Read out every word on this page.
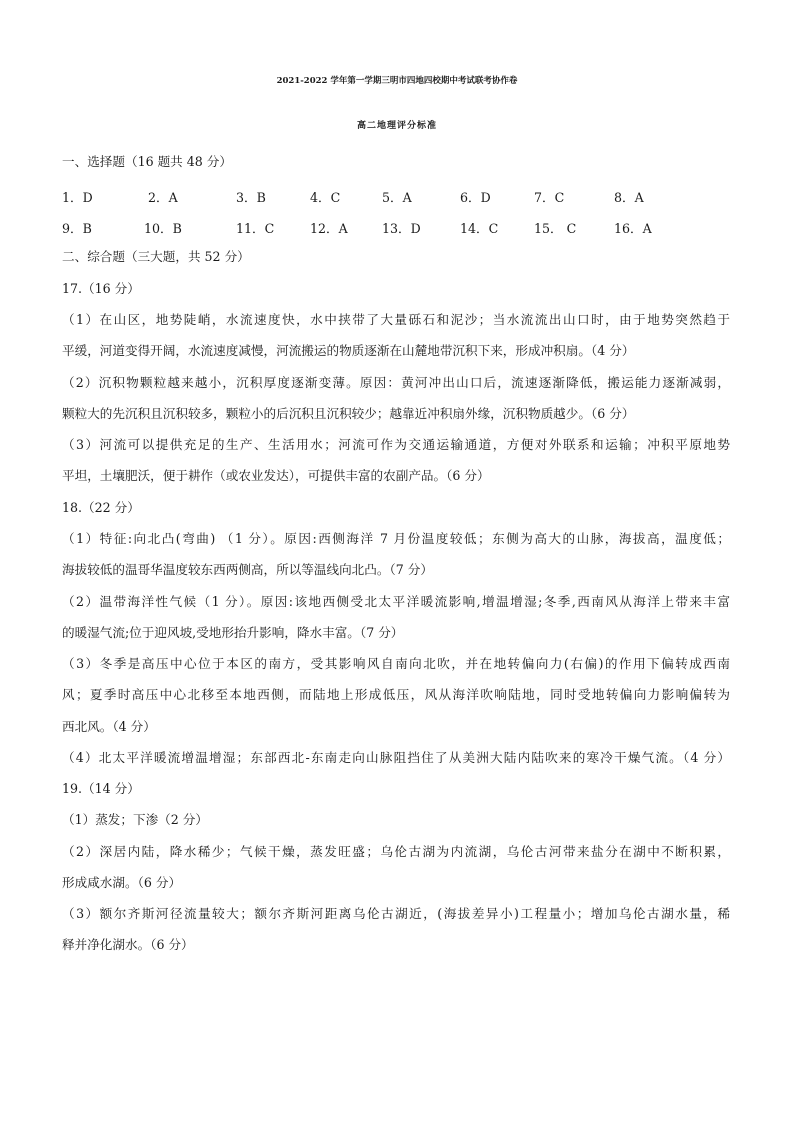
2021-2022 学年第一学期三明市四地四校期中考试联考协作卷
高二地理评分标准
一、选择题（16 题共 48 分）
1．D	2．A	3．B	4．C	5．A	6．D	7．C	8．A
9．B	10．B	11．C	12．A	13．D	14．C	15． C	16．A
二、综合题（三大题，共 52 分）
17.（16 分）
（1）在山区，地势陡峭，水流速度快，水中挟带了大量砾石和泥沙；当水流流出山口时，由于地势突然趋于
平缓，河道变得开阔，水流速度减慢，河流搬运的物质逐渐在山麓地带沉积下来，形成冲积扇。（4 分）
（2）沉积物颗粒越来越小，沉积厚度逐渐变薄。原因：黄河冲出山口后，流速逐渐降低，搬运能力逐渐减弱，
颗粒大的先沉积且沉积较多，颗粒小的后沉积且沉积较少；越靠近冲积扇外缘，沉积物质越少。（6 分）
（3）河流可以提供充足的生产、生活用水；河流可作为交通运输通道，方便对外联系和运输；冲积平原地势
平坦，土壤肥沃，便于耕作（或农业发达），可提供丰富的农副产品。（6 分）
18.（22 分）
（1）特征:向北凸(弯曲) （1 分）。原因:西侧海洋 7 月份温度较低；东侧为高大的山脉，海拔高，温度低；
海拔较低的温哥华温度较东西两侧高，所以等温线向北凸。（7 分）
（2）温带海洋性气候（1 分）。原因:该地西侧受北太平洋暖流影响,增温增湿;冬季,西南风从海洋上带来丰富
的暖湿气流;位于迎风坡,受地形抬升影响，降水丰富。（7 分）
（3）冬季是高压中心位于本区的南方，受其影响风自南向北吹，并在地转偏向力(右偏)的作用下偏转成西南
风；夏季时高压中心北移至本地西侧，而陆地上形成低压，风从海洋吹响陆地，同时受地转偏向力影响偏转为
西北风。（4 分）
（4）北太平洋暖流增温增湿；东部西北-东南走向山脉阻挡住了从美洲大陆内陆吹来的寒冷干燥气流。（4 分）
19.（14 分）
（1）蒸发；下渗（2 分）
（2）深居内陆，降水稀少；气候干燥，蒸发旺盛；乌伦古湖为内流湖，乌伦古河带来盐分在湖中不断积累，
形成咸水湖。（6 分）
（3）额尔齐斯河径流量较大；额尔齐斯河距离乌伦古湖近，(海拔差异小)工程量小；增加乌伦古湖水量，稀
释并净化湖水。（6 分）
